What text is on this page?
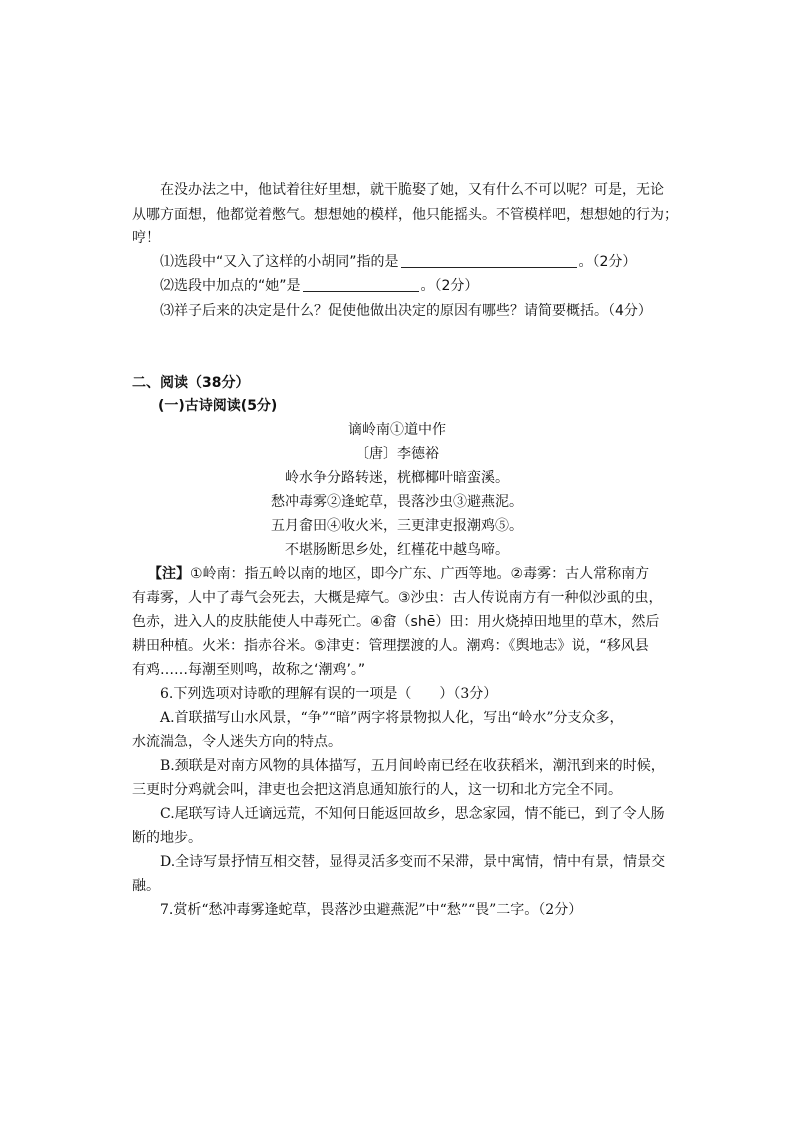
在没办法之中，他试着往好里想，就干脆娶了她，又有什么不可以呢？可是，无论
从哪方面想，他都觉着憋气。想想她的模样，他只能摇头。不管模样吧，想想她的行为；
哼！
⑴选段中“又入了这样的小胡同”指的是	。（2分）
⑵选段中加点的“她”是	。（2分）
⑶祥子后来的决定是什么？促使他做出决定的原因有哪些？请简要概括。（4分）
二、阅读（38分）
(一)古诗阅读(5分)
谪岭南①道中作
〔唐〕李德裕
岭水争分路转迷，桄榔椰叶暗蛮溪。
愁冲毒雾②逢蛇草，畏落沙虫③避燕泥。
五月畲田④收火米，三更津吏报潮鸡⑤。
不堪肠断思乡处，红槿花中越鸟啼。
【注】①岭南：指五岭以南的地区，即今广东、广西等地。②毒雾：古人常称南方
有毒雾，人中了毒气会死去，大概是瘴气。③沙虫：古人传说南方有一种似沙虱的虫，
色赤，进入人的皮肤能使人中毒死亡。④畲（shē）田：用火烧掉田地里的草木，然后
耕田种植。火米：指赤谷米。⑤津吏：管理摆渡的人。潮鸡：《舆地志》说，“移风县
有鸡……每潮至则鸣，故称之‘潮鸡’。”
6.下列选项对诗歌的理解有误的一项是（　　）（3分）
A.首联描写山水风景，“争”“暗”两字将景物拟人化，写出“岭水”分支众多，
水流湍急，令人迷失方向的特点。
B.颈联是对南方风物的具体描写，五月间岭南已经在收获稻米，潮汛到来的时候，
三更时分鸡就会叫，津吏也会把这消息通知旅行的人，这一切和北方完全不同。
C.尾联写诗人迁谪远荒，不知何日能返回故乡，思念家园，情不能已，到了令人肠
断的地步。
D.全诗写景抒情互相交替，显得灵活多变而不呆滞，景中寓情，情中有景，情景交
融。
7.赏析“愁冲毒雾逢蛇草，畏落沙虫避燕泥”中“愁”“畏”二字。（2分）
